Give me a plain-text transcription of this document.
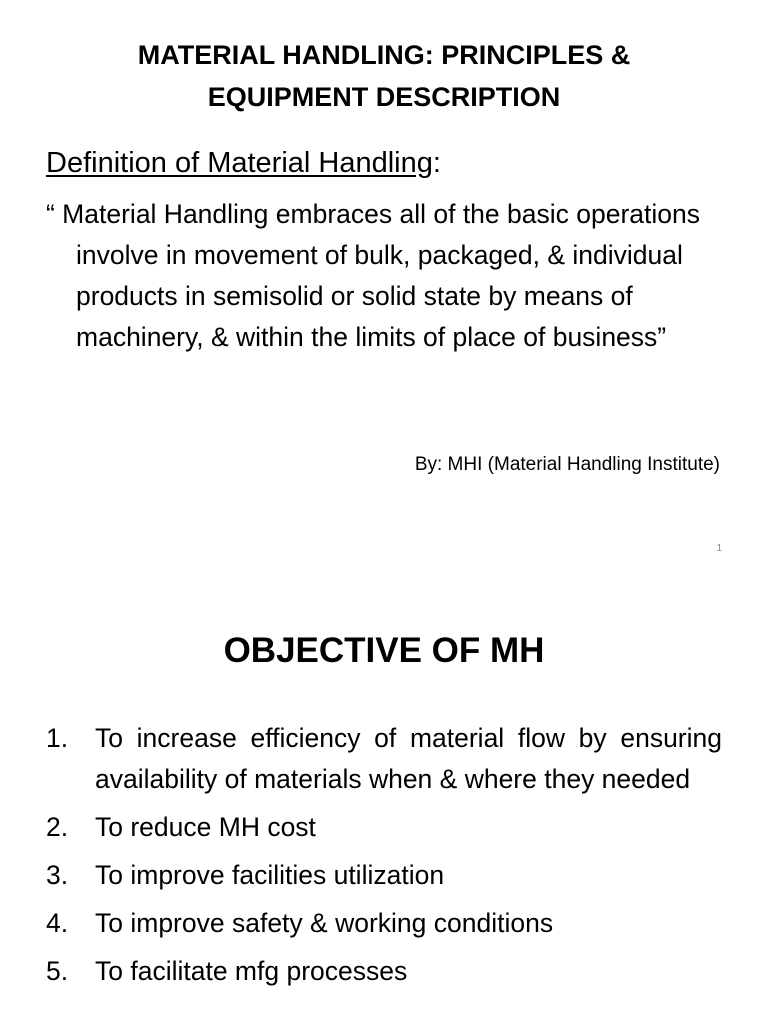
MATERIAL HANDLING: PRINCIPLES &
EQUIPMENT DESCRIPTION

Definition of Material Handling:

“ Material Handling embraces all of the basic operations involve in movement of bulk, packaged, & individual products in semisolid or solid state by means of machinery, & within the limits of place of business”

By: MHI (Material Handling Institute)

1

OBJECTIVE OF MH
1. To increase efficiency of material flow by ensuring availability of materials when & where they needed
2. To reduce MH cost
3. To improve facilities utilization
4. To improve safety & working conditions
5. To facilitate mfg processes
